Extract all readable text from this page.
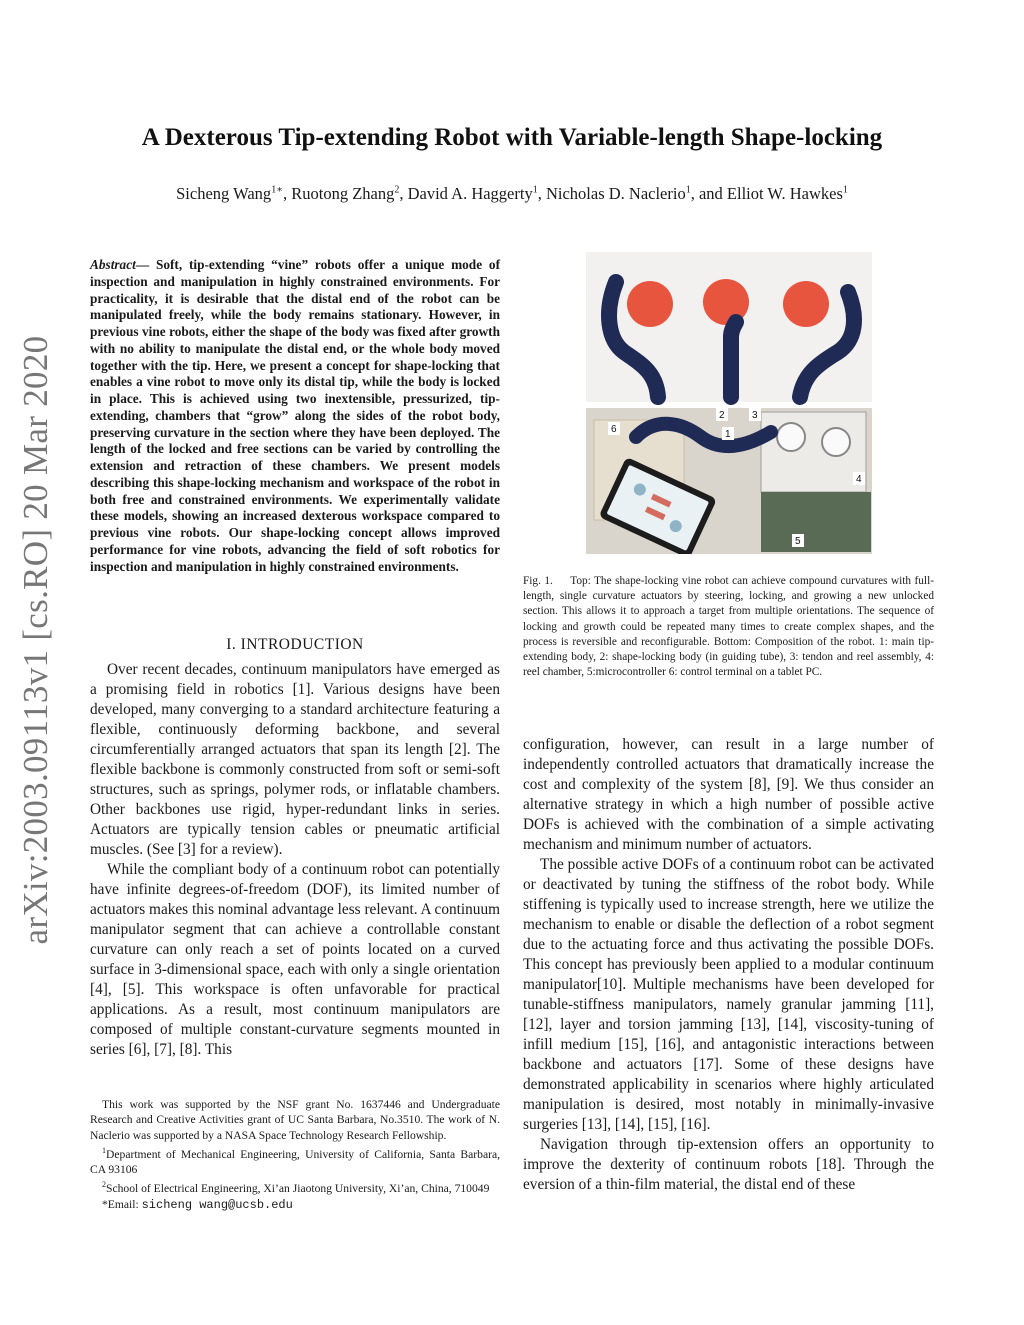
arXiv:2003.09113v1 [cs.RO] 20 Mar 2020
A Dexterous Tip-extending Robot with Variable-length Shape-locking
Sicheng Wang$^{1∗}$, Ruotong Zhang$^2$, David A. Haggerty$^1$, Nicholas D. Naclerio$^1$, and Elliot W. Hawkes$^1$
Abstract— Soft, tip-extending “vine” robots offer a unique mode of inspection and manipulation in highly constrained environments. For practicality, it is desirable that the distal end of the robot can be manipulated freely, while the body remains stationary. However, in previous vine robots, either the shape of the body was fixed after growth with no ability to manipulate the distal end, or the whole body moved together with the tip. Here, we present a concept for shape-locking that enables a vine robot to move only its distal tip, while the body is locked in place. This is achieved using two inextensible, pressurized, tip-extending, chambers that “grow” along the sides of the robot body, preserving curvature in the section where they have been deployed. The length of the locked and free sections can be varied by controlling the extension and retraction of these chambers. We present models describing this shape-locking mechanism and workspace of the robot in both free and constrained environments. We experimentally validate these models, showing an increased dexterous workspace compared to previous vine robots. Our shape-locking concept allows improved performance for vine robots, advancing the field of soft robotics for inspection and manipulation in highly constrained environments.
I. INTRODUCTION

Over recent decades, continuum manipulators have emerged as a promising field in robotics [1]. Various designs have been developed, many converging to a standard architecture featuring a flexible, continuously deforming backbone, and several circumferentially arranged actuators that span its length [2]. The flexible backbone is commonly constructed from soft or semi-soft structures, such as springs, polymer rods, or inflatable chambers. Other backbones use rigid, hyper-redundant links in series. Actuators are typically tension cables or pneumatic artificial muscles. (See [3] for a review).

While the compliant body of a continuum robot can potentially have infinite degrees-of-freedom (DOF), its limited number of actuators makes this nominal advantage less relevant. A continuum manipulator segment that can achieve a controllable constant curvature can only reach a set of points located on a curved surface in 3-dimensional space, each with only a single orientation [4], [5]. This workspace is often unfavorable for practical applications. As a result, most continuum manipulators are composed of multiple constant-curvature segments mounted in series [6], [7], [8]. This

This work was supported by the NSF grant No. 1637446 and Undergraduate Research and Creative Activities grant of UC Santa Barbara, No.3510. The work of N. Naclerio was supported by a NASA Space Technology Research Fellowship.

$^1$Department of Mechanical Engineering, University of California, Santa Barbara, CA 93106

$^2$School of Electrical Engineering, Xi’an Jiaotong University, Xi’an, China, 710049

*Email: sicheng wang@ucsb.edu

1
2	3
4
5
6
Fig. 1. Top: The shape-locking vine robot can achieve compound curvatures with full-length, single curvature actuators by steering, locking, and growing a new unlocked section. This allows it to approach a target from multiple orientations. The sequence of locking and growth could be repeated many times to create complex shapes, and the process is reversible and reconfigurable. Bottom: Composition of the robot. 1: main tip-extending body, 2: shape-locking body (in guiding tube), 3: tendon and reel assembly, 4: reel chamber, 5:microcontroller 6: control terminal on a tablet PC.

configuration, however, can result in a large number of independently controlled actuators that dramatically increase the cost and complexity of the system [8], [9]. We thus consider an alternative strategy in which a high number of possible active DOFs is achieved with the combination of a simple activating mechanism and minimum number of actuators.

The possible active DOFs of a continuum robot can be activated or deactivated by tuning the stiffness of the robot body. While stiffening is typically used to increase strength, here we utilize the mechanism to enable or disable the deflection of a robot segment due to the actuating force and thus activating the possible DOFs. This concept has previously been applied to a modular continuum manipulator[10]. Multiple mechanisms have been developed for tunable-stiffness manipulators, namely granular jamming [11], [12], layer and torsion jamming [13], [14], viscosity-tuning of infill medium [15], [16], and antagonistic interactions between backbone and actuators [17]. Some of these designs have demonstrated applicability in scenarios where highly articulated manipulation is desired, most notably in minimally-invasive surgeries [13], [14], [15], [16].

Navigation through tip-extension offers an opportunity to improve the dexterity of continuum robots [18]. Through the eversion of a thin-film material, the distal end of these
